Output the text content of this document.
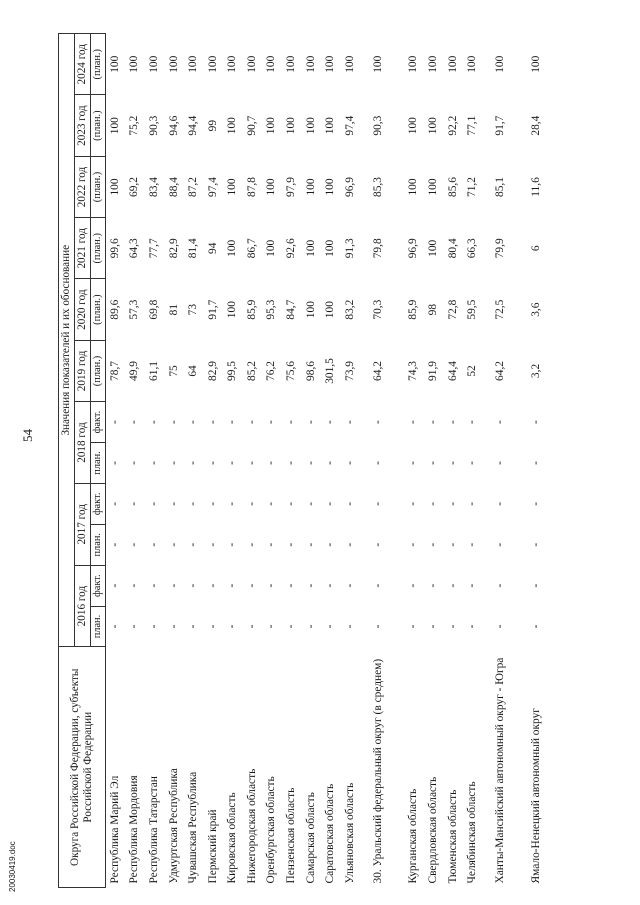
54
20030419.doc
Округа Российской Федерации, субъекты Российской Федерации	Значения показателей и их обоснование											
	2016 год		2017 год		2018 год		2019 год	2020 год	2021 год	2022 год	2023 год	2024 год
	план.	факт.	план.	факт.	план.	факт.	(план.)	(план.)	(план.)	(план.)	(план.)	(план.)
Республика Марий Эл	-	-	-	-	-	-	78,7	89,6	99,6	100	100	100
Республика Мордовия	-	-	-	-	-	-	49,9	57,3	64,3	69,2	75,2	100
Республика Татарстан	-	-	-	-	-	-	61,1	69,8	77,7	83,4	90,3	100
Удмуртская Республика	-	-	-	-	-	-	75	81	82,9	88,4	94,6	100
Чувашская Республика	-	-	-	-	-	-	64	73	81,4	87,2	94,4	100
Пермский край	-	-	-	-	-	-	82,9	91,7	94	97,4	99	100
Кировская область	-	-	-	-	-	-	99,5	100	100	100	100	100
Нижегородская область	-	-	-	-	-	-	85,2	85,9	86,7	87,8	90,7	100
Оренбургская область	-	-	-	-	-	-	76,2	95,3	100	100	100	100
Пензенская область	-	-	-	-	-	-	75,6	84,7	92,6	97,9	100	100
Самарская область	-	-	-	-	-	-	98,6	100	100	100	100	100
Саратовская область	-	-	-	-	-	-	301,5	100	100	100	100	100
Ульяновская область	-	-	-	-	-	-	73,9	83,2	91,3	96,9	97,4	100
30. Уральский федеральный округ (в среднем)	-	-	-	-	-	-	64,2	70,3	79,8	85,3	90,3	100

Курганская область	-	-	-	-	-	-	74,3	85,9	96,9	100	100	100
Свердловская область	-	-	-	-	-	-	91,9	98	100	100	100	100
Тюменская область	-	-	-	-	-	-	64,4	72,8	80,4	85,6	92,2	100
Челябинская область	-	-	-	-	-	-	52	59,5	66,3	71,2	77,1	100
Ханты-Мансийский автономный округ - Югра	-	-	-	-	-	-	64,2	72,5	79,9	85,1	91,7	100
Ямало-Ненецкий автономный округ	-	-	-	-	-	-	3,2	3,6	6	11,6	28,4	100
